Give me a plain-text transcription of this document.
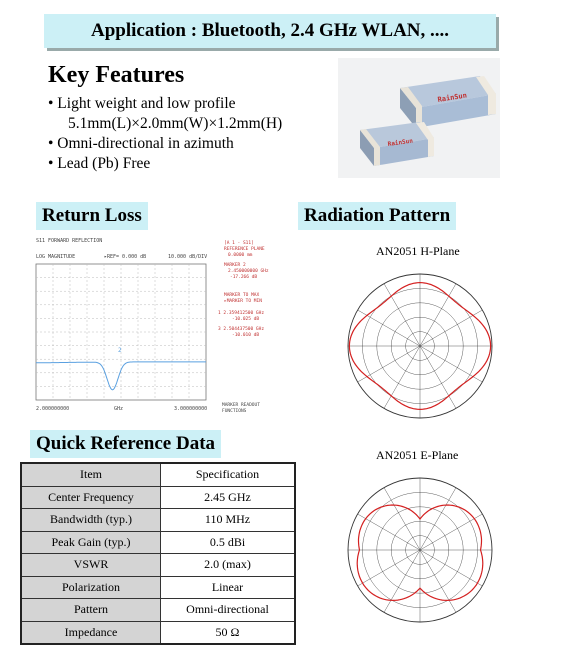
Application : Bluetooth, 2.4 GHz WLAN, ....
Key Features
• Light weight and low profile
5.1mm(L)×2.0mm(W)×1.2mm(H)
• Omni-directional in azimuth
• Lead (Pb) Free
RainSun
RainSun
Return Loss
S11 FORWARD REFLECTION
LOG MAGNITUDE	▸REF= 0.000 dB	10.000 dB/DIV
2
2.000000000	GHz	3.000000000
[A 1 - S11]
REFERENCE PLANE
0.0000 mm
MARKER 2
2.450000000 GHz
-17.266 dB
MARKER TO MAX
▸MARKER TO MIN
1 2.359412500 GHz
-10.025 dB
3 2.504437500 GHz
-10.010 dB
MARKER READOUT
FUNCTIONS
Radiation Pattern
AN2051 H-Plane
AN2051 E-Plane
Quick Reference Data
Item	Specification
Center Frequency	2.45 GHz
Bandwidth (typ.)	110 MHz
Peak Gain (typ.)	0.5 dBi
VSWR	2.0 (max)
Polarization	Linear
Pattern	Omni-directional
Impedance	50 Ω
